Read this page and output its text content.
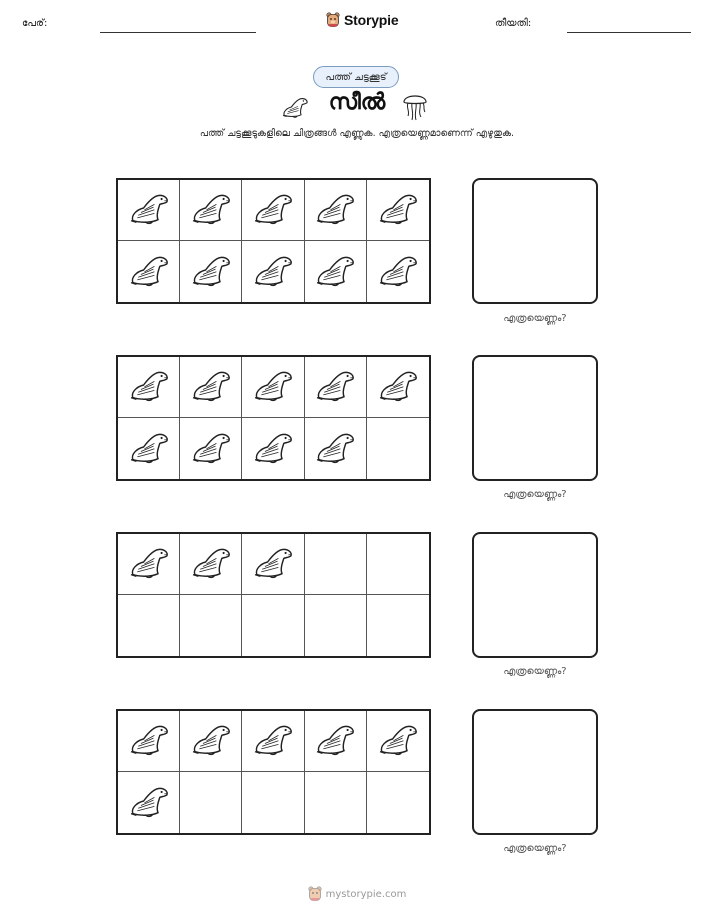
പേര്:	Storypie	തീയതി:
പത്ത് ചട്ടക്കൂട്
സീൽ
പത്ത് ചട്ടക്കൂടുകളിലെ ചിത്രങ്ങൾ എണ്ണുക. എത്രയെണ്ണമാണെന്ന് എഴുതുക.
എത്രയെണ്ണം?
എത്രയെണ്ണം?
എത്രയെണ്ണം?
എത്രയെണ്ണം?
mystorypie.com
